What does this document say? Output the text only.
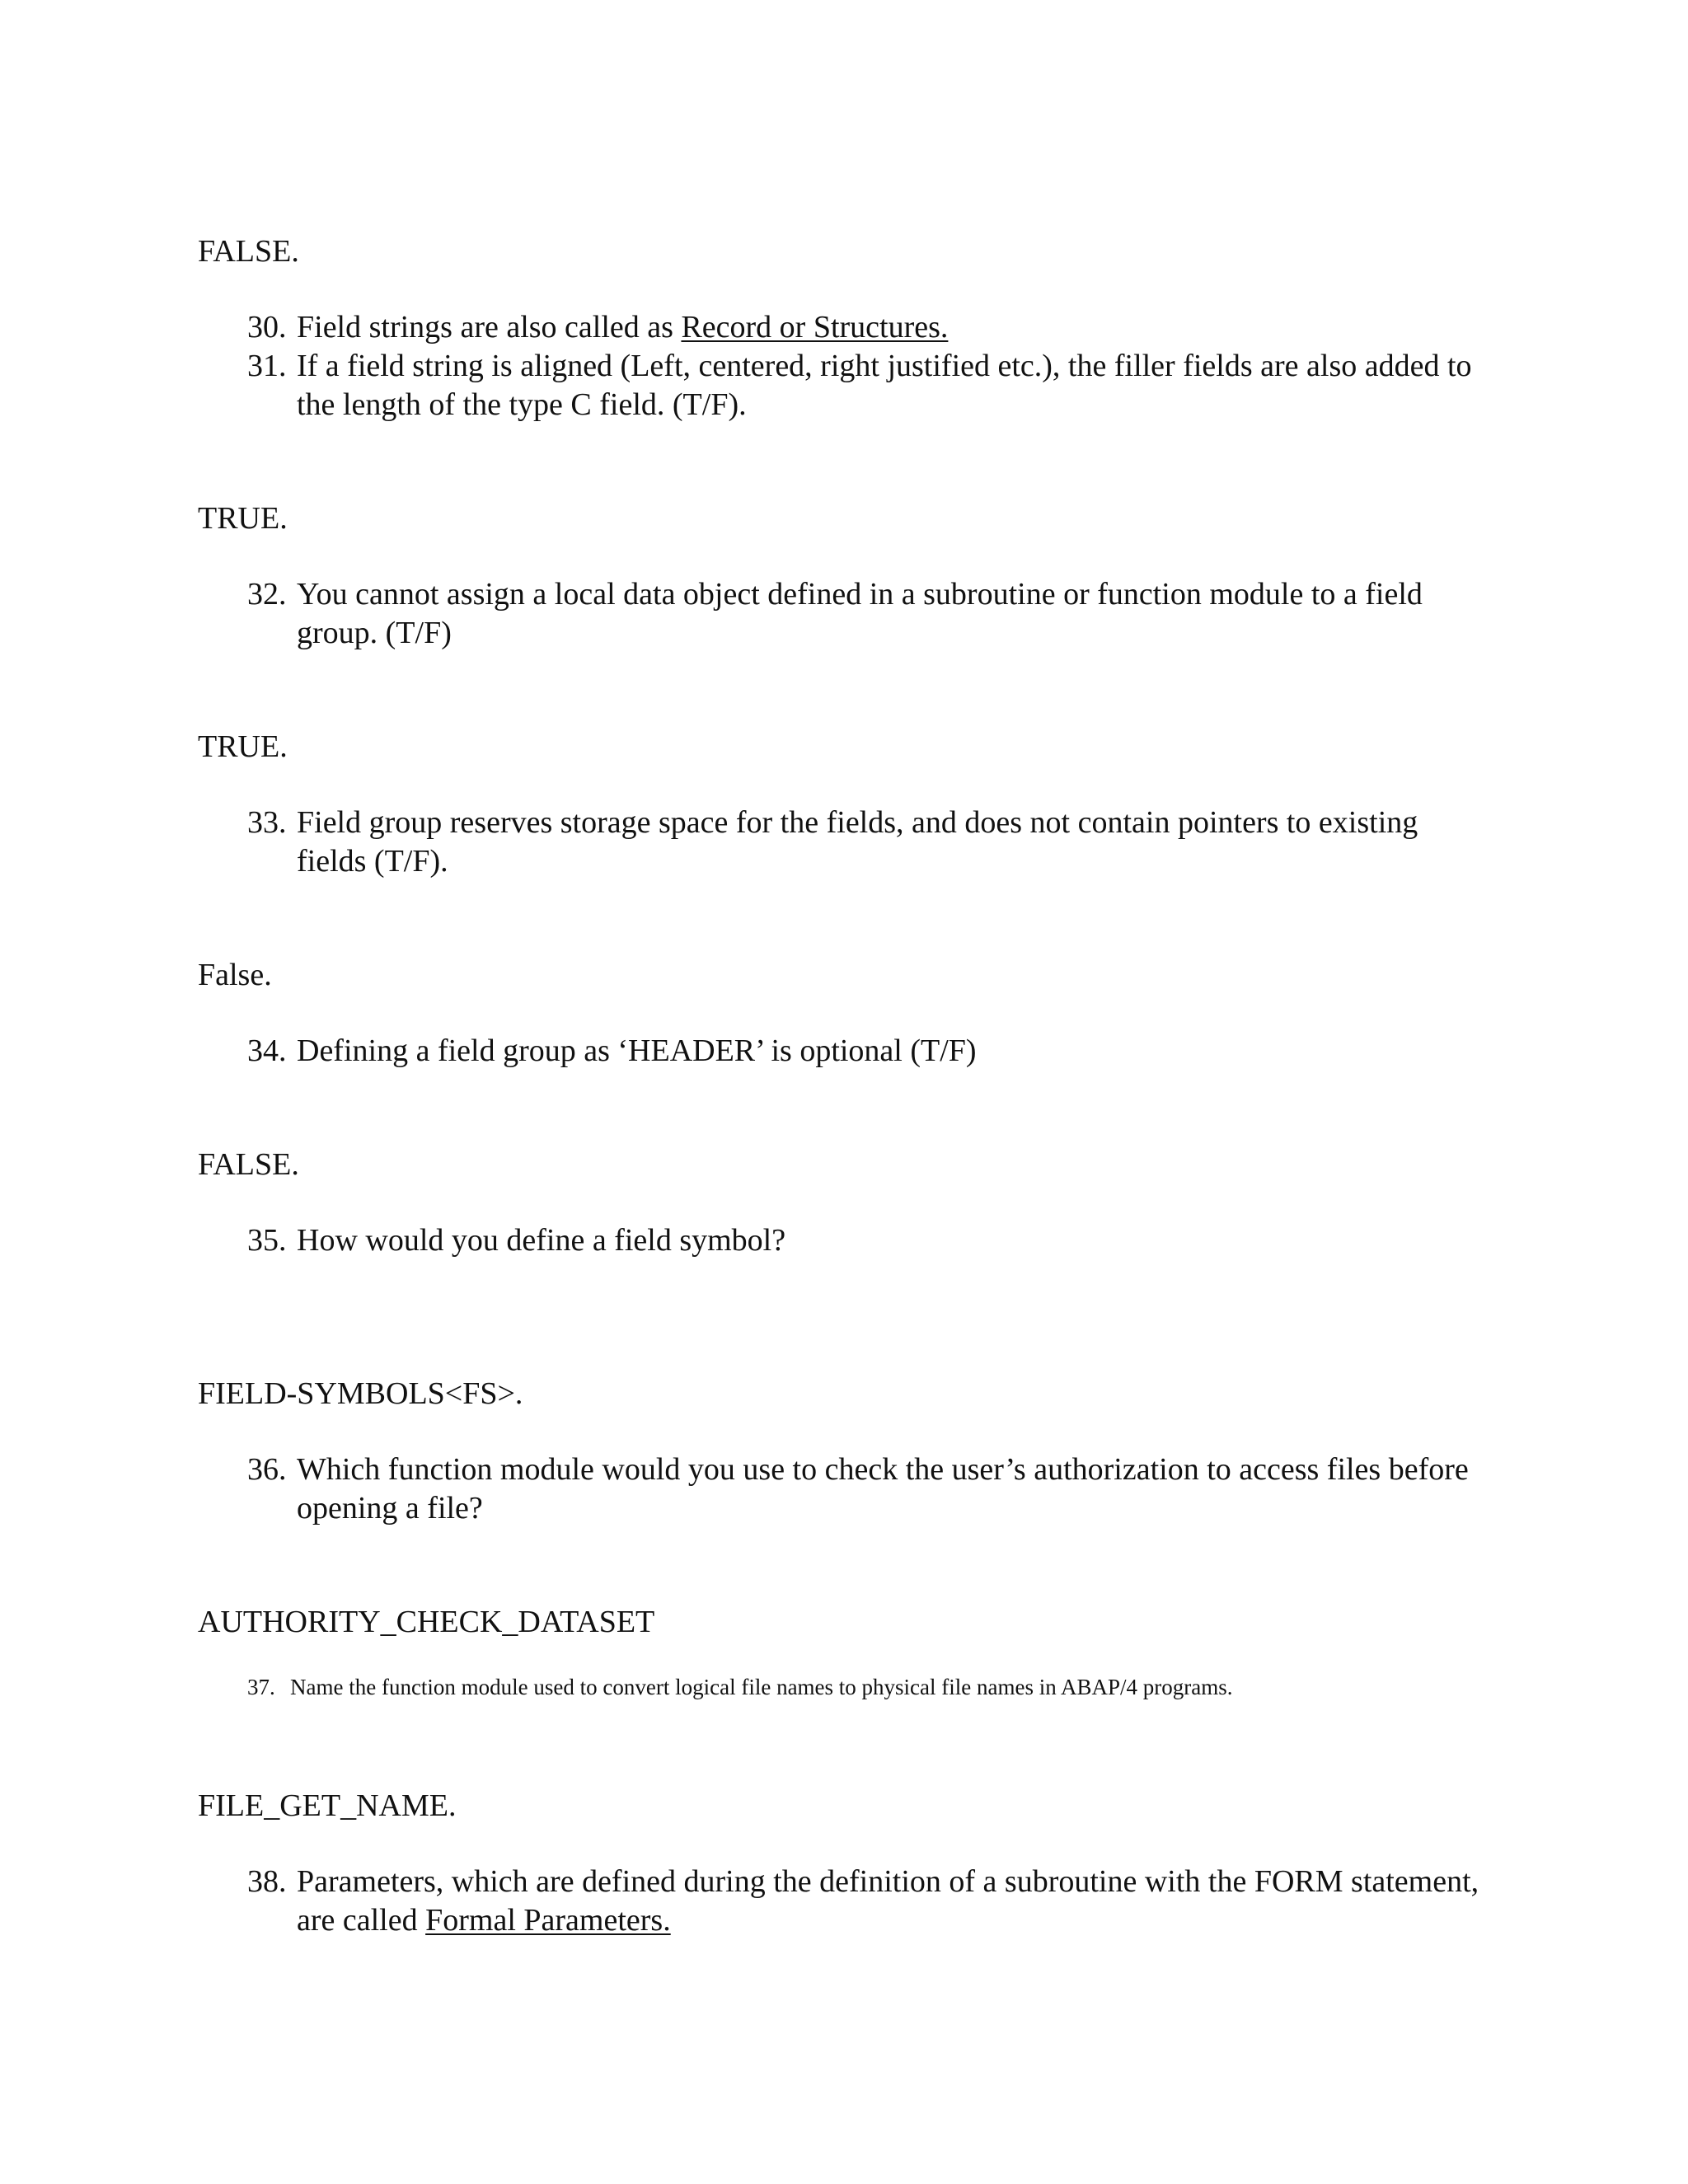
FALSE.
30. Field strings are also called as Record or Structures.
31. If a field string is aligned (Left, centered, right justified etc.), the filler fields are also added to the length of the type C field. (T/F).
TRUE.
32. You cannot assign a local data object defined in a subroutine or function module to a field group. (T/F)
TRUE.
33. Field group reserves storage space for the fields, and does not contain pointers to existing fields (T/F).
False.
34. Defining a field group as ‘HEADER’ is optional (T/F)
FALSE.
35. How would you define a field symbol?
FIELD-SYMBOLS<FS>.
36. Which function module would you use to check the user’s authorization to access files before opening a file?
AUTHORITY_CHECK_DATASET
37. Name the function module used to convert logical file names to physical file names in ABAP/4 programs.
FILE_GET_NAME.
38. Parameters, which are defined during the definition of a subroutine with the FORM statement, are called Formal Parameters.
